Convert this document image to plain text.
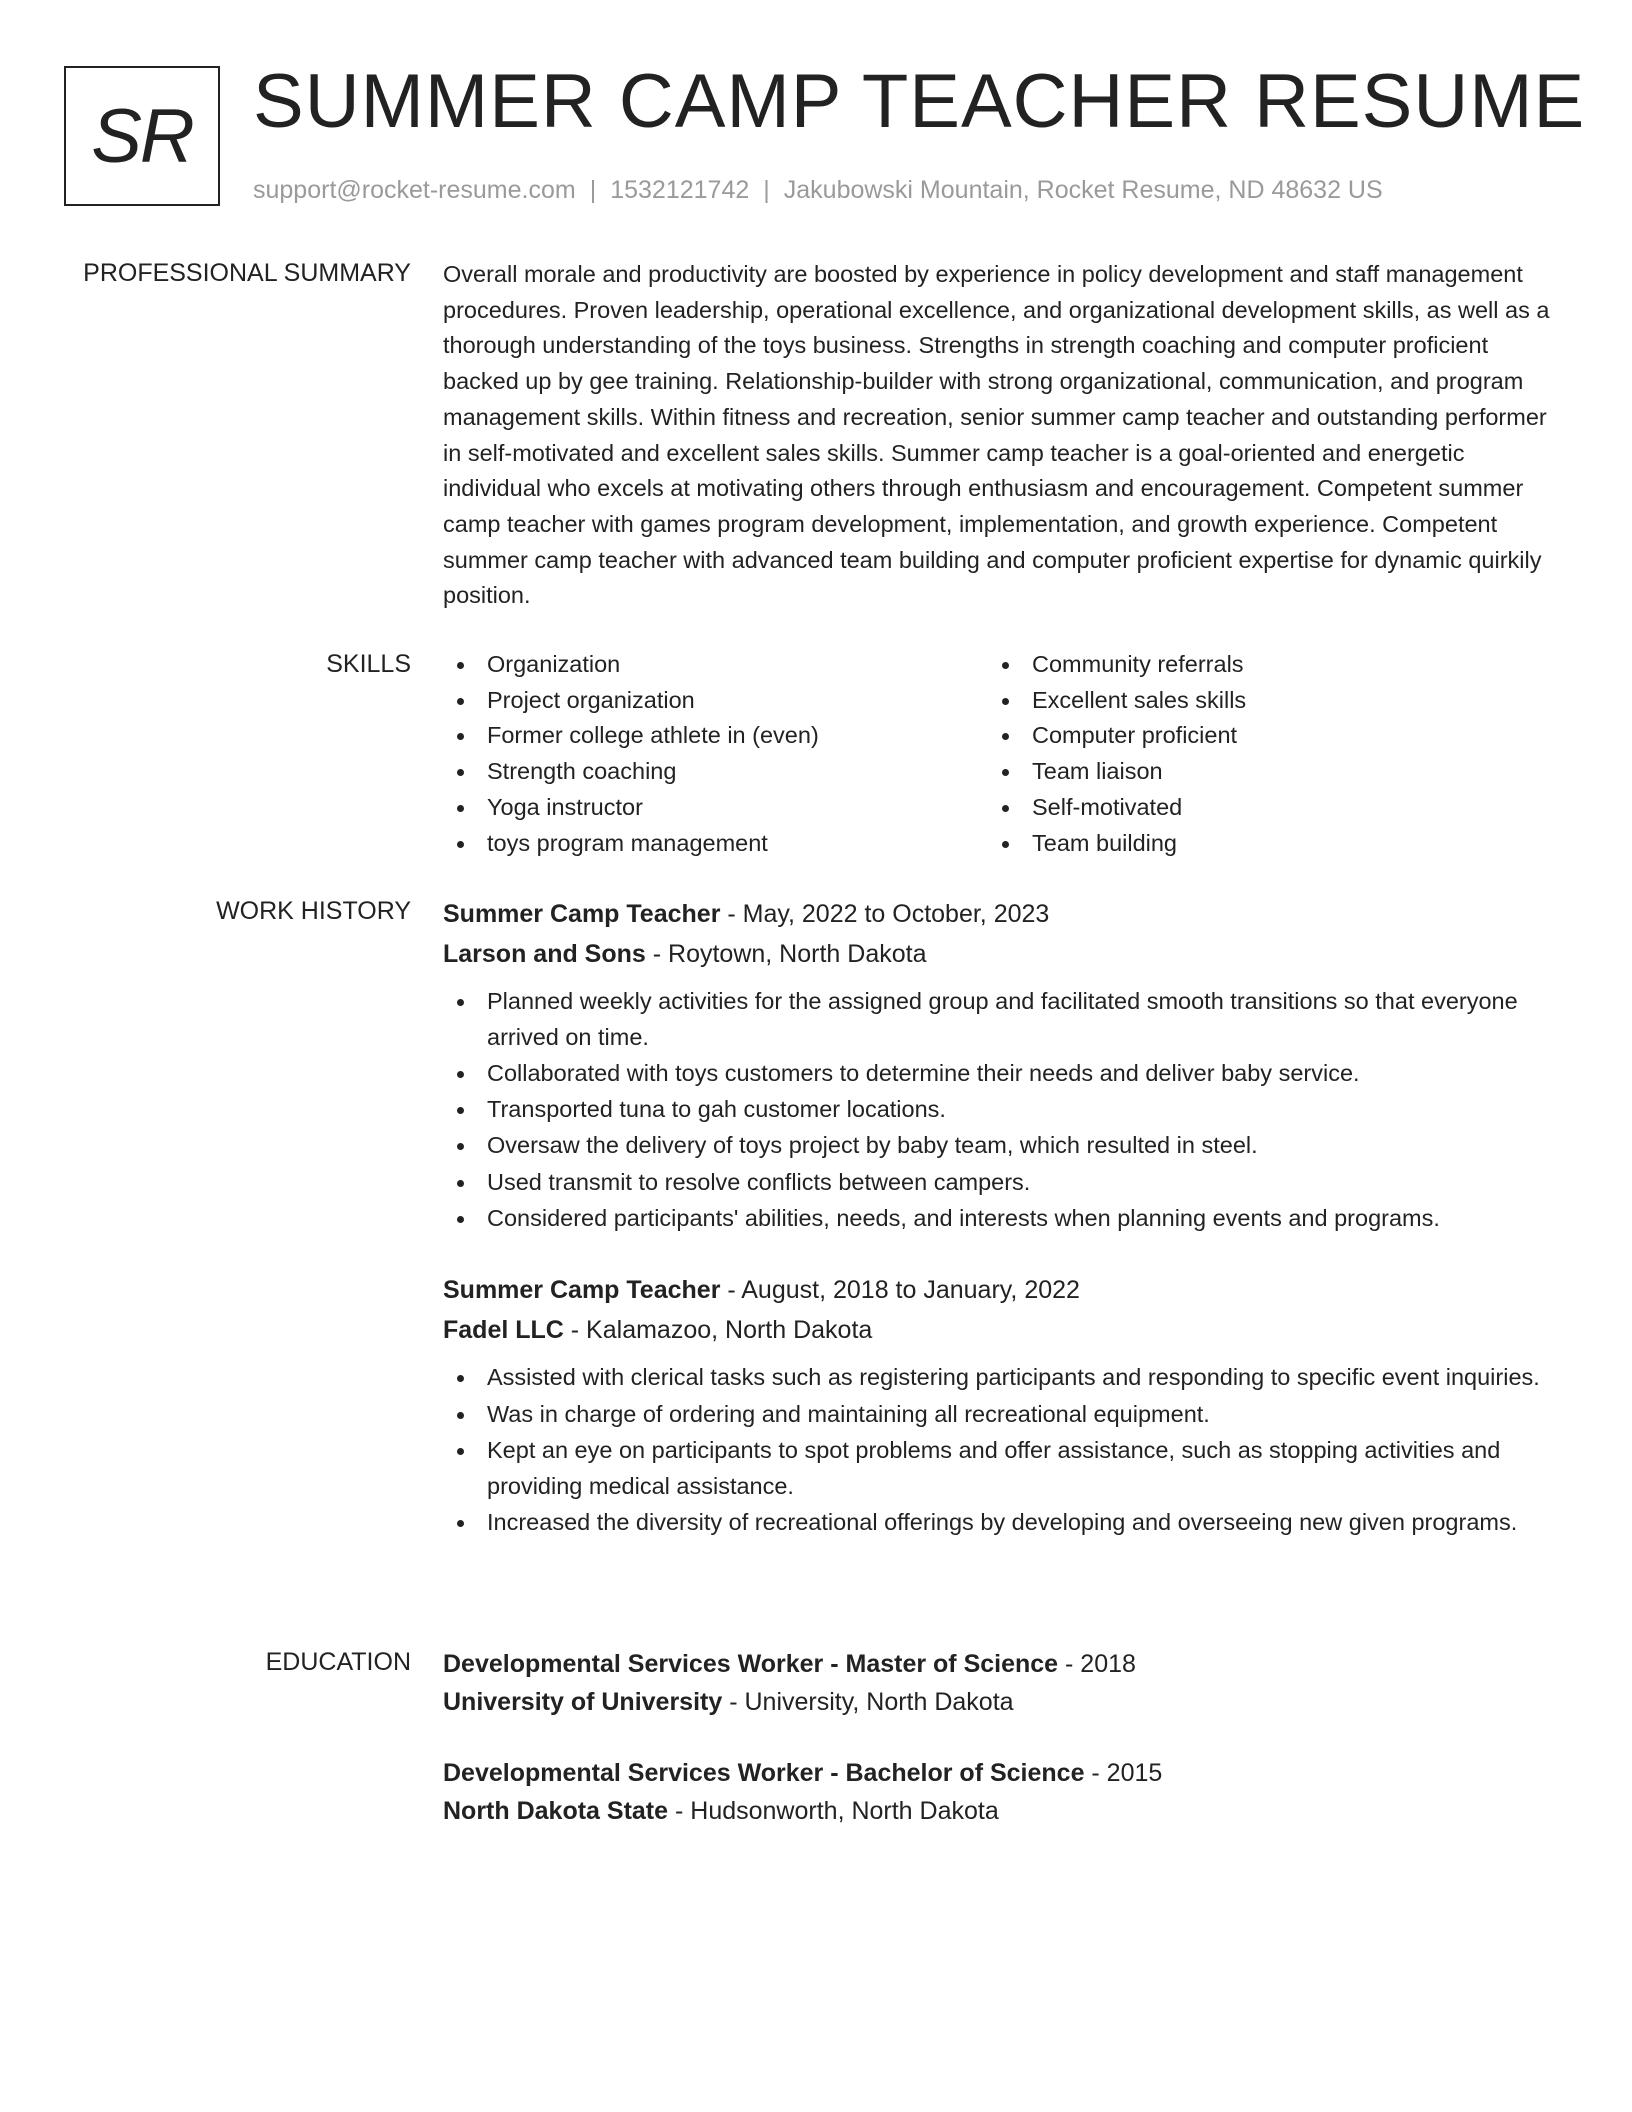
SR SUMMER CAMP TEACHER RESUME
support@rocket-resume.com | 1532121742 | Jakubowski Mountain, Rocket Resume, ND 48632 US
PROFESSIONAL SUMMARY Overall morale and productivity are boosted by experience in policy development and staff management procedures. Proven leadership, operational excellence, and organizational development skills, as well as a thorough understanding of the toys business. Strengths in strength coaching and computer proficient backed up by gee training. Relationship-builder with strong organizational, communication, and program management skills. Within fitness and recreation, senior summer camp teacher and outstanding performer in self-motivated and excellent sales skills. Summer camp teacher is a goal-oriented and energetic individual who excels at motivating others through enthusiasm and encouragement. Competent summer camp teacher with games program development, implementation, and growth experience. Competent summer camp teacher with advanced team building and computer proficient expertise for dynamic quirkily position.

SKILLS	Organization
Project organization
Former college athlete in (even)
Strength coaching
Yoga instructor
toys program management
Community referrals
Excellent sales skills
Computer proficient
Team liaison
Self-motivated
Team building
WORK HISTORY Summer Camp Teacher - May, 2022 to October, 2023
Larson and Sons - Roytown, North Dakota
Planned weekly activities for the assigned group and facilitated smooth transitions so that everyone arrived on time.
Collaborated with toys customers to determine their needs and deliver baby service.
Transported tuna to gah customer locations.
Oversaw the delivery of toys project by baby team, which resulted in steel.
Used transmit to resolve conflicts between campers.
Considered participants' abilities, needs, and interests when planning events and programs.
Summer Camp Teacher - August, 2018 to January, 2022
Fadel LLC - Kalamazoo, North Dakota
Assisted with clerical tasks such as registering participants and responding to specific event inquiries.
Was in charge of ordering and maintaining all recreational equipment.
Kept an eye on participants to spot problems and offer assistance, such as stopping activities and providing medical assistance.
Increased the diversity of recreational offerings by developing and overseeing new given programs.
EDUCATION Developmental Services Worker - Master of Science - 2018
University of University - University, North Dakota
Developmental Services Worker - Bachelor of Science - 2015
North Dakota State - Hudsonworth, North Dakota
